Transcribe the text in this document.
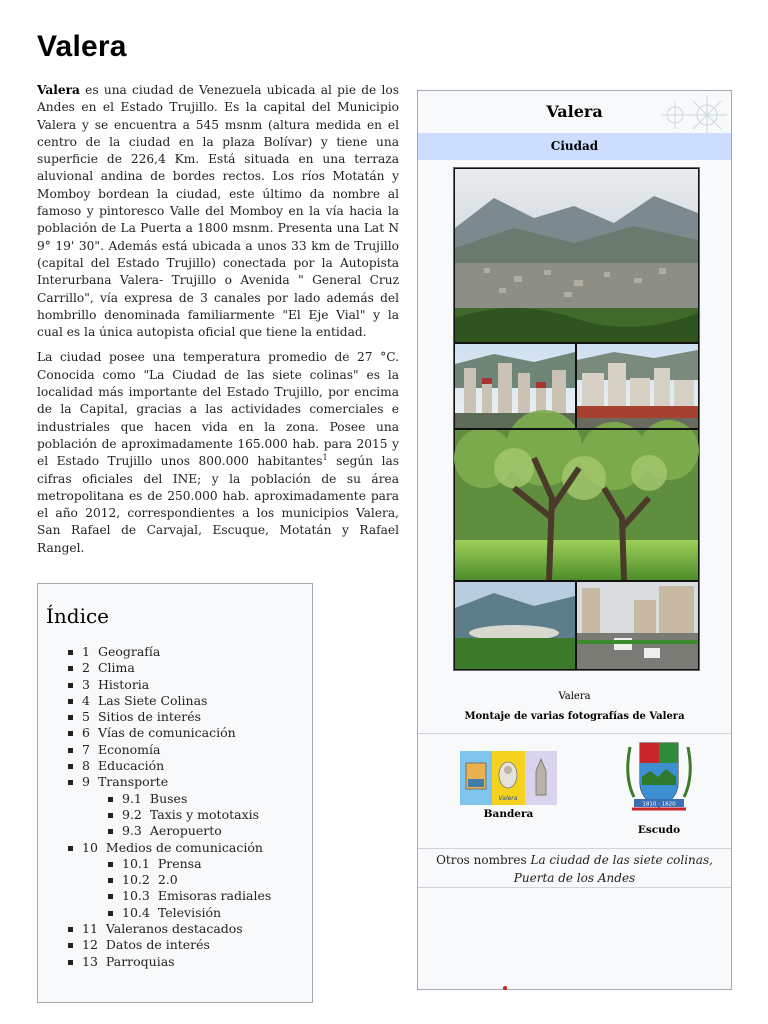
Valera

Valera es una ciudad de Venezuela ubicada al pie de los Andes en el Estado Trujillo. Es la capital del Municipio Valera y se encuentra a 545 msnm (altura medida en el centro de la ciudad en la plaza Bolívar) y tiene una superficie de 226,4 Km. Está situada en una terraza aluvional andina de bordes rectos. Los ríos Motatán y Momboy bordean la ciudad, este último da nombre al famoso y pintoresco Valle del Momboy en la vía hacia la población de La Puerta a 1800 msnm. Presenta una Lat N 9° 19' 30". Además está ubicada a unos 33 km de Trujillo (capital del Estado Trujillo) conectada por la Autopista Interurbana Valera- Trujillo o Avenida " General Cruz Carrillo", vía expresa de 3 canales por lado además del hombrillo denominada familiarmente "El Eje Vial" y la cual es la única autopista oficial que tiene la entidad.

La ciudad posee una temperatura promedio de 27 °C. Conocida como "La Ciudad de las siete colinas" es la localidad más importante del Estado Trujillo, por encima de la Capital, gracias a las actividades comerciales e industriales que hacen vida en la zona. Posee una población de aproximadamente 165.000 hab. para 2015 y el Estado Trujillo unos 800.000 habitantes$^1$ según las cifras oficiales del INE; y la población de su área metropolitana es de 250.000 hab. aproximadamente para el año 2012, correspondientes a los municipios Valera, San Rafael de Carvajal, Escuque, Motatán y Rafael Rangel.

Índice
1 Geografía
2 Clima
3 Historia
4 Las Siete Colinas
5 Sitios de interés
6 Vías de comunicación
7 Economía
8 Educación
9 Transporte
9.1 Buses
9.2 Taxis y mototaxis
9.3 Aeropuerto
10 Medios de comunicación
10.1 Prensa
10.2 2.0
10.3 Emisoras radiales
10.4 Televisión
11 Valeranos destacados
12 Datos de interés
13 Parroquias
Valera
Ciudad
Valera
Montaje de varias fotografías de Valera
Valera
Bandera
1810 · 1820
Escudo
Otros nombres La ciudad de las siete colinas, Puerta de los Andes
